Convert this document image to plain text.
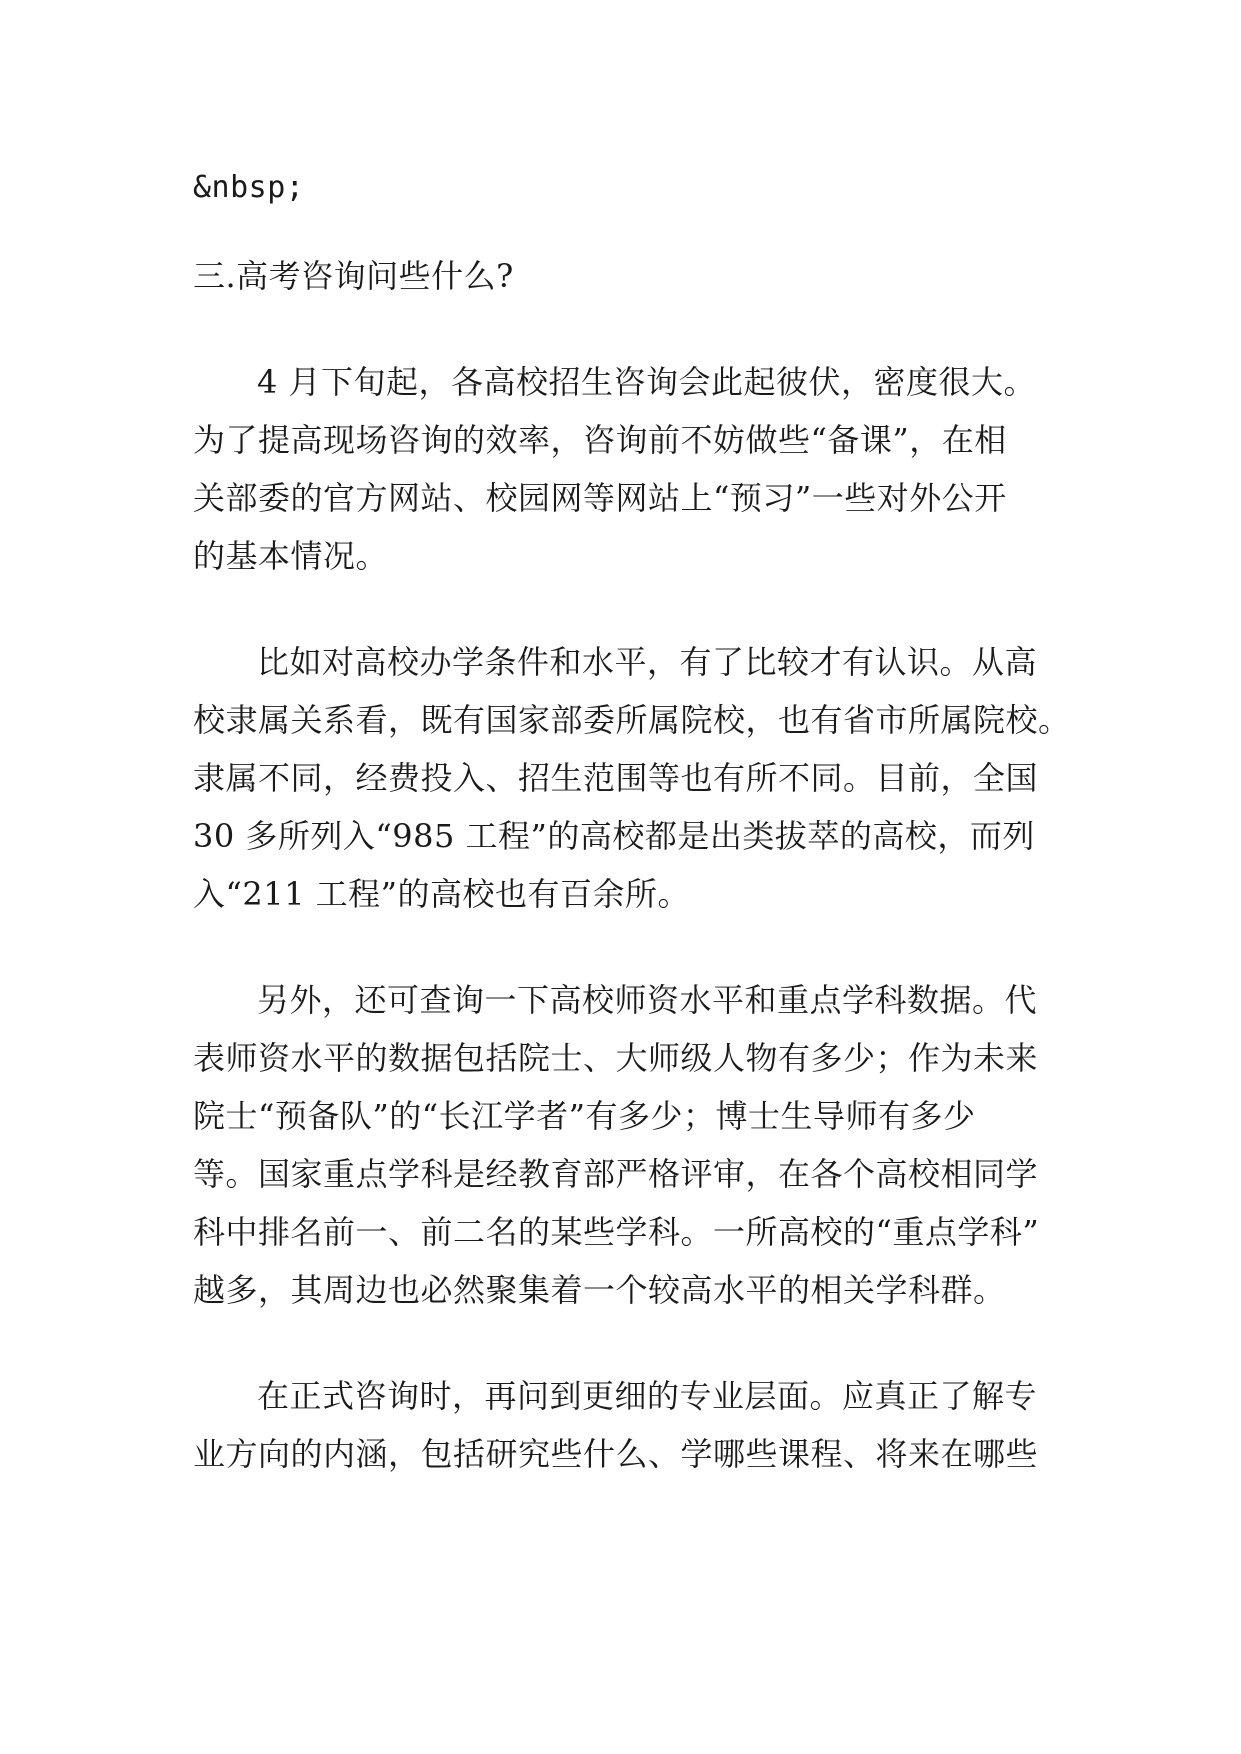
&nbsp;
三.高考咨询问些什么?
4 月下旬起，各高校招生咨询会此起彼伏，密度很大。
为了提高现场咨询的效率，咨询前不妨做些“备课”，在相
关部委的官方网站、校园网等网站上“预习”一些对外公开
的基本情况。
比如对高校办学条件和水平，有了比较才有认识。从高
校隶属关系看，既有国家部委所属院校，也有省市所属院校。
隶属不同，经费投入、招生范围等也有所不同。目前，全国
30 多所列入“985 工程”的高校都是出类拔萃的高校，而列
入“211 工程”的高校也有百余所。
另外，还可查询一下高校师资水平和重点学科数据。代
表师资水平的数据包括院士、大师级人物有多少；作为未来
院士“预备队”的“长江学者”有多少；博士生导师有多少
等。国家重点学科是经教育部严格评审，在各个高校相同学
科中排名前一、前二名的某些学科。一所高校的“重点学科”
越多，其周边也必然聚集着一个较高水平的相关学科群。
在正式咨询时，再问到更细的专业层面。应真正了解专
业方向的内涵，包括研究些什么、学哪些课程、将来在哪些
